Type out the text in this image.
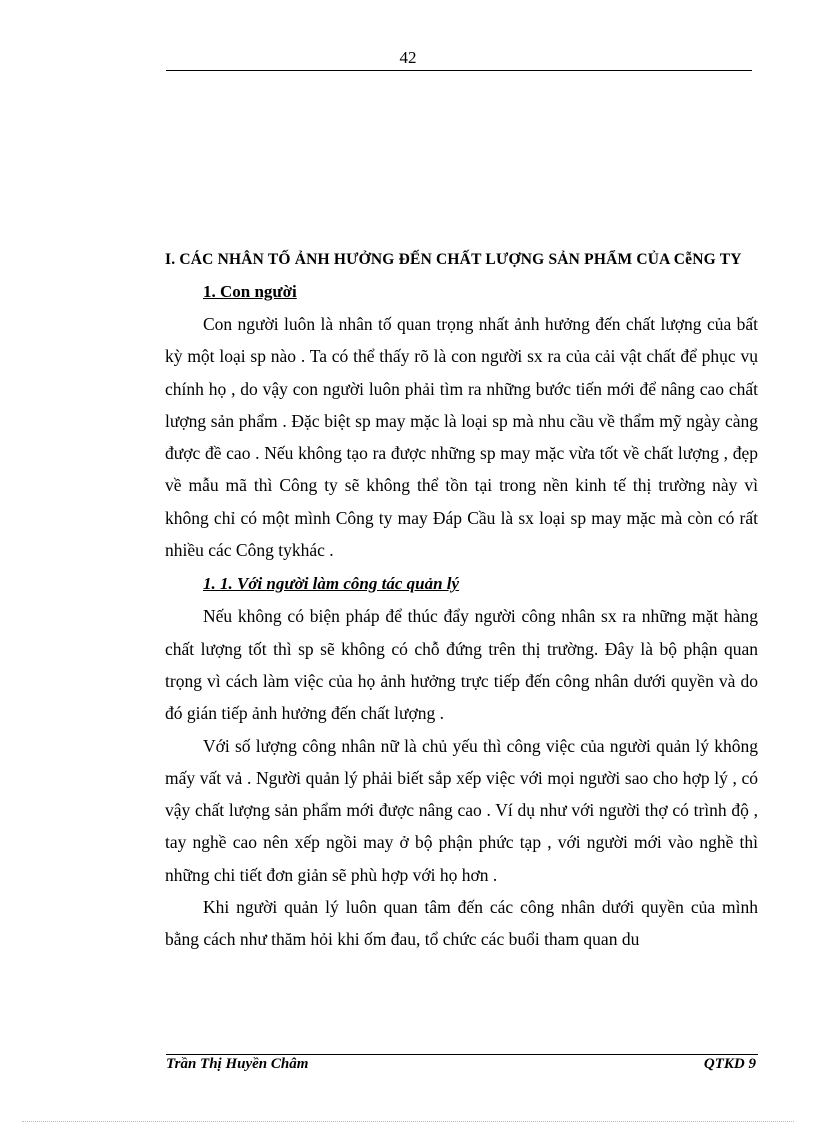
42
I. CÁC NHÂN TỐ ẢNH HƯỞNG ĐẾN CHẤT LƯỢNG SẢN PHẨM CỦA CễNG TY
1. Con người

Con người luôn là nhân tố quan trọng nhất ảnh hưởng đến chất lượng của bất kỳ một loại sp nào . Ta có thể thấy rõ là con người sx ra của cải vật chất để phục vụ chính họ , do vậy con người luôn phải tìm ra những bước tiến mới để nâng cao chất lượng sản phẩm . Đặc biệt sp may mặc là loại sp mà nhu cầu về thẩm mỹ ngày càng được đề cao . Nếu không tạo ra được những sp may mặc vừa tốt về chất lượng , đẹp về mẫu mã thì Công ty sẽ không thể tồn tại trong nền kinh tế thị trường này vì không chỉ có một mình Công ty may Đáp Cầu là sx loại sp may mặc mà còn có rất nhiều các Công tykhác .

1. 1. Với người làm công tác quản lý

Nếu không có biện pháp để thúc đẩy người công nhân sx ra những mặt hàng chất lượng tốt thì sp sẽ không có chỗ đứng trên thị trường. Đây là bộ phận quan trọng vì cách làm việc của họ ảnh hưởng trực tiếp đến công nhân dưới quyền và do đó gián tiếp ảnh hưởng đến chất lượng .

Với số lượng công nhân nữ là chủ yếu thì công việc của người quản lý không mấy vất vả . Người quản lý phải biết sắp xếp việc với mọi người sao cho hợp lý , có vậy chất lượng sản phẩm mới được nâng cao . Ví dụ như với người thợ có trình độ , tay nghề cao nên xếp ngồi may ở bộ phận phức tạp , với người mới vào nghề thì những chi tiết đơn giản sẽ phù hợp với họ hơn .

Khi người quản lý luôn quan tâm đến các công nhân dưới quyền của mình bằng cách như thăm hỏi khi ốm đau, tổ chức các buổi tham quan du

Trần Thị Huyền Châm	QTKD 9
